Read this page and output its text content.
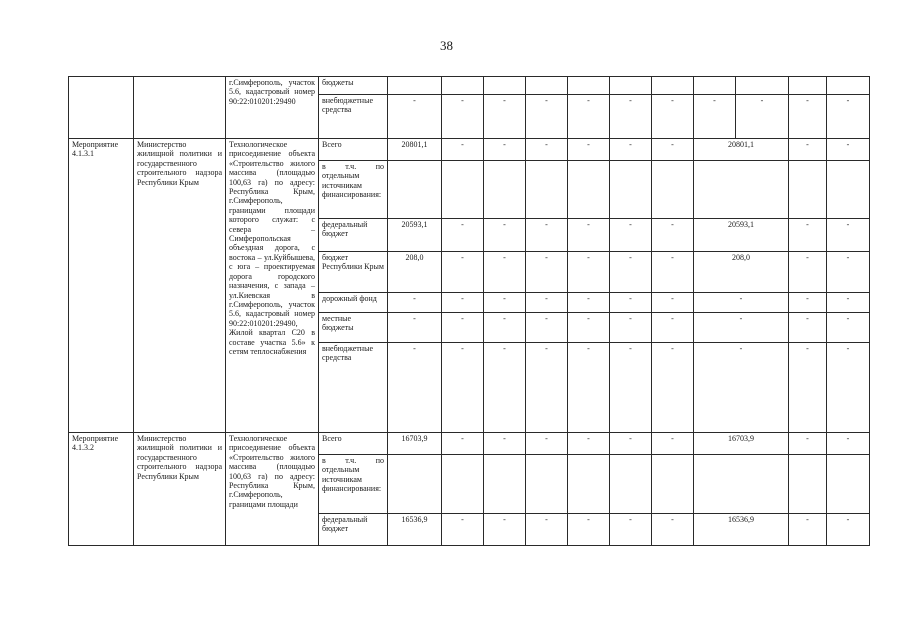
38
		г.Симферополь, участок 5.6, кадастровый номер 90:22:010201:29490	бюджеты											
			внебюджетные средства	-	-	-	-	-	-	-	-	-	-	-
Мероприятие 4.1.3.1	Министерство жилищной политики и государственного строительного надзора Республики Крым	Технологическое присоединение объекта «Строительство жилого массива (площадью 100,63 га) по адресу: Республика Крым, г.Симферополь, границами площади которого служат: с севера – Симферопольская объездная дорога, с востока – ул.Куйбышева, с юга – проектируемая дорога городского назначения, с запада – ул.Киевская в г.Симферополь, участок 5.6, кадастровый номер 90:22:010201:29490, Жилой квартал С20 в составе участка 5.6» к сетям теплоснабжения	Всего	20801,1	-	-	-	-	-	-	20801,1		-	-
			в т.ч. по отдельным источникам финансирования:											
			федеральный бюджет	20593,1	-	-	-	-	-	-	20593,1		-	-
			бюджет Республики Крым	208,0	-	-	-	-	-	-	208,0		-	-
			дорожный фонд	-	-	-	-	-	-	-	-		-	-
			местные бюджеты	-	-	-	-	-	-	-	-		-	-
			внебюджетные средства	-	-	-	-	-	-	-	-		-	-
Мероприятие 4.1.3.2	Министерство жилищной политики и государственного строительного надзора Республики Крым	Технологическое присоединение объекта «Строительство жилого массива (площадью 100,63 га) по адресу: Республика Крым, г.Симферополь, границами площади	Всего	16703,9	-	-	-	-	-	-	16703,9		-	-
			в т.ч. по отдельным источникам финансирования:											
			федеральный бюджет	16536,9	-	-	-	-	-	-	16536,9		-	-
